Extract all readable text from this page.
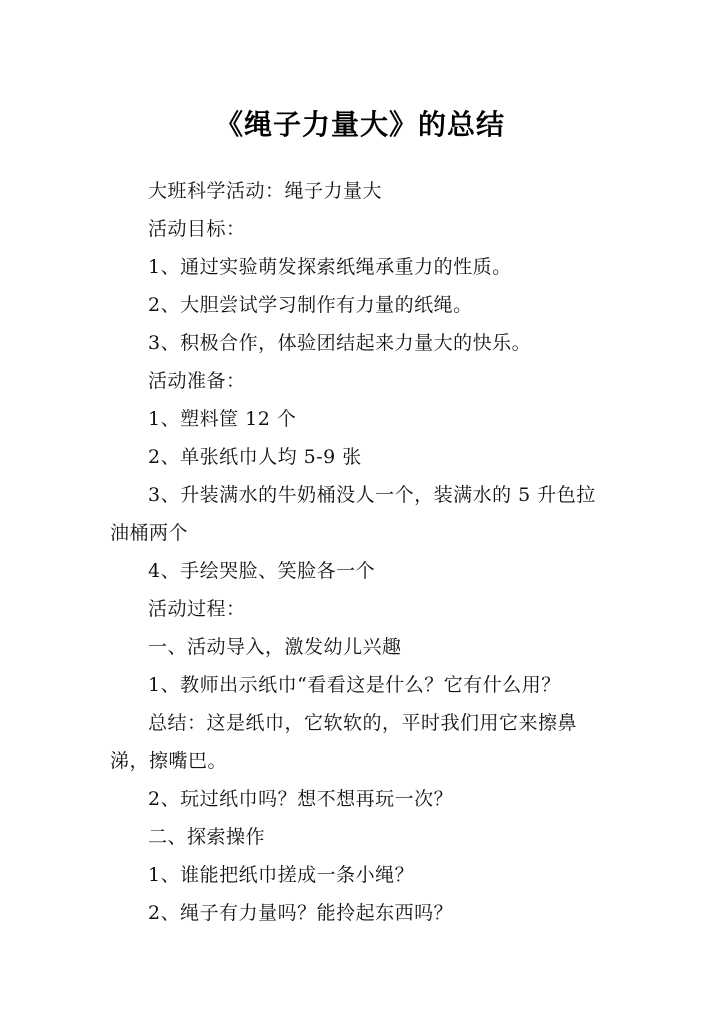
《绳子力量大》的总结

大班科学活动：绳子力量大

活动目标：

1、通过实验萌发探索纸绳承重力的性质。

2、大胆尝试学习制作有力量的纸绳。

3、积极合作，体验团结起来力量大的快乐。

活动准备：

1、塑料筐 12 个

2、单张纸巾人均 5-9 张

3、升装满水的牛奶桶没人一个，装满水的 5 升色拉油桶两个

4、手绘哭脸、笑脸各一个

活动过程：

一、活动导入，激发幼儿兴趣

1、教师出示纸巾“看看这是什么？它有什么用？

总结：这是纸巾，它软软的，平时我们用它来擦鼻涕，擦嘴巴。

2、玩过纸巾吗？想不想再玩一次？

二、探索操作

1、谁能把纸巾搓成一条小绳？

2、绳子有力量吗？能拎起东西吗？
